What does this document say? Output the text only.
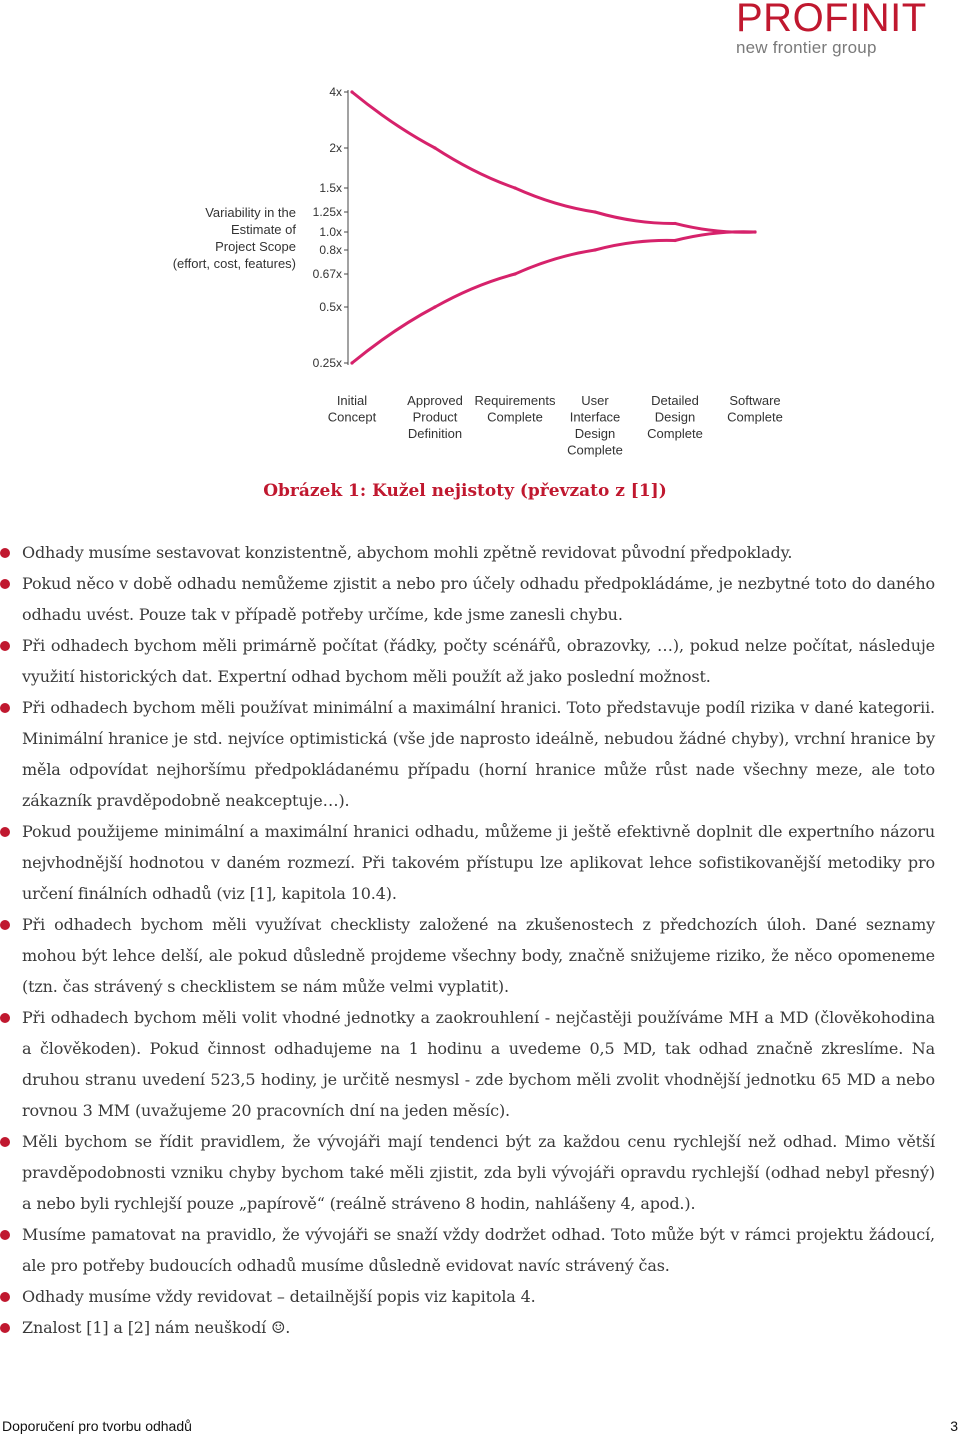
PROFINIT
new frontier group
Variability in the
Estimate of
Project Scope
(effort, cost, features)
4x
2x
1.5x
1.25x
1.0x
0.8x
0.67x
0.5x
0.25x
Initial
Concept
Approved
Product
Definition
Requirements
Complete
User
Interface
Design
Complete
Detailed
Design
Complete
Software
Complete
Obrázek 1: Kužel nejistoty (převzato z [1])
Odhady musíme sestavovat konzistentně, abychom mohli zpětně revidovat původní předpoklady.
Pokud něco v době odhadu nemůžeme zjistit a nebo pro účely odhadu předpokládáme, je nezbytné toto do daného odhadu uvést. Pouze tak v případě potřeby určíme, kde jsme zanesli chybu.
Při odhadech bychom měli primárně počítat (řádky, počty scénářů, obrazovky, …), pokud nelze počítat, následuje využití historických dat. Expertní odhad bychom měli použít až jako poslední možnost.
Při odhadech bychom měli používat minimální a maximální hranici. Toto představuje podíl rizika v dané kategorii. Minimální hranice je std. nejvíce optimistická (vše jde naprosto ideálně, nebudou žádné chyby), vrchní hranice by měla odpovídat nejhoršímu předpokládanému případu (horní hranice může růst nade všechny meze, ale toto zákazník pravděpodobně neakceptuje…).
Pokud použijeme minimální a maximální hranici odhadu, můžeme ji ještě efektivně doplnit dle expertního názoru nejvhodnější hodnotou v daném rozmezí. Při takovém přístupu lze aplikovat lehce sofistikovanější metodiky pro určení finálních odhadů (viz [1], kapitola 10.4).
Při odhadech bychom měli využívat checklisty založené na zkušenostech z předchozích úloh. Dané seznamy mohou být lehce delší, ale pokud důsledně projdeme všechny body, značně snižujeme riziko, že něco opomeneme (tzn. čas strávený s checklistem se nám může velmi vyplatit).
Při odhadech bychom měli volit vhodné jednotky a zaokrouhlení - nejčastěji používáme MH a MD (člověkohodina a člověkoden). Pokud činnost odhadujeme na 1 hodinu a uvedeme 0,5 MD, tak odhad značně zkreslíme. Na druhou stranu uvedení 523,5 hodiny, je určitě nesmysl - zde bychom měli zvolit vhodnější jednotku 65 MD a nebo rovnou 3 MM (uvažujeme 20 pracovních dní na jeden měsíc).
Měli bychom se řídit pravidlem, že vývojáři mají tendenci být za každou cenu rychlejší než odhad. Mimo větší pravděpodobnosti vzniku chyby bychom také měli zjistit, zda byli vývojáři opravdu rychlejší (odhad nebyl přesný) a nebo byli rychlejší pouze „papírově“ (reálně stráveno 8 hodin, nahlášeny 4, apod.).
Musíme pamatovat na pravidlo, že vývojáři se snaží vždy dodržet odhad. Toto může být v rámci projektu žádoucí, ale pro potřeby budoucích odhadů musíme důsledně evidovat navíc strávený čas.
Odhady musíme vždy revidovat – detailnější popis viz kapitola 4.
Znalost [1] a [2] nám neuškodí ☺.
Doporučení pro tvorbu odhadů	3
